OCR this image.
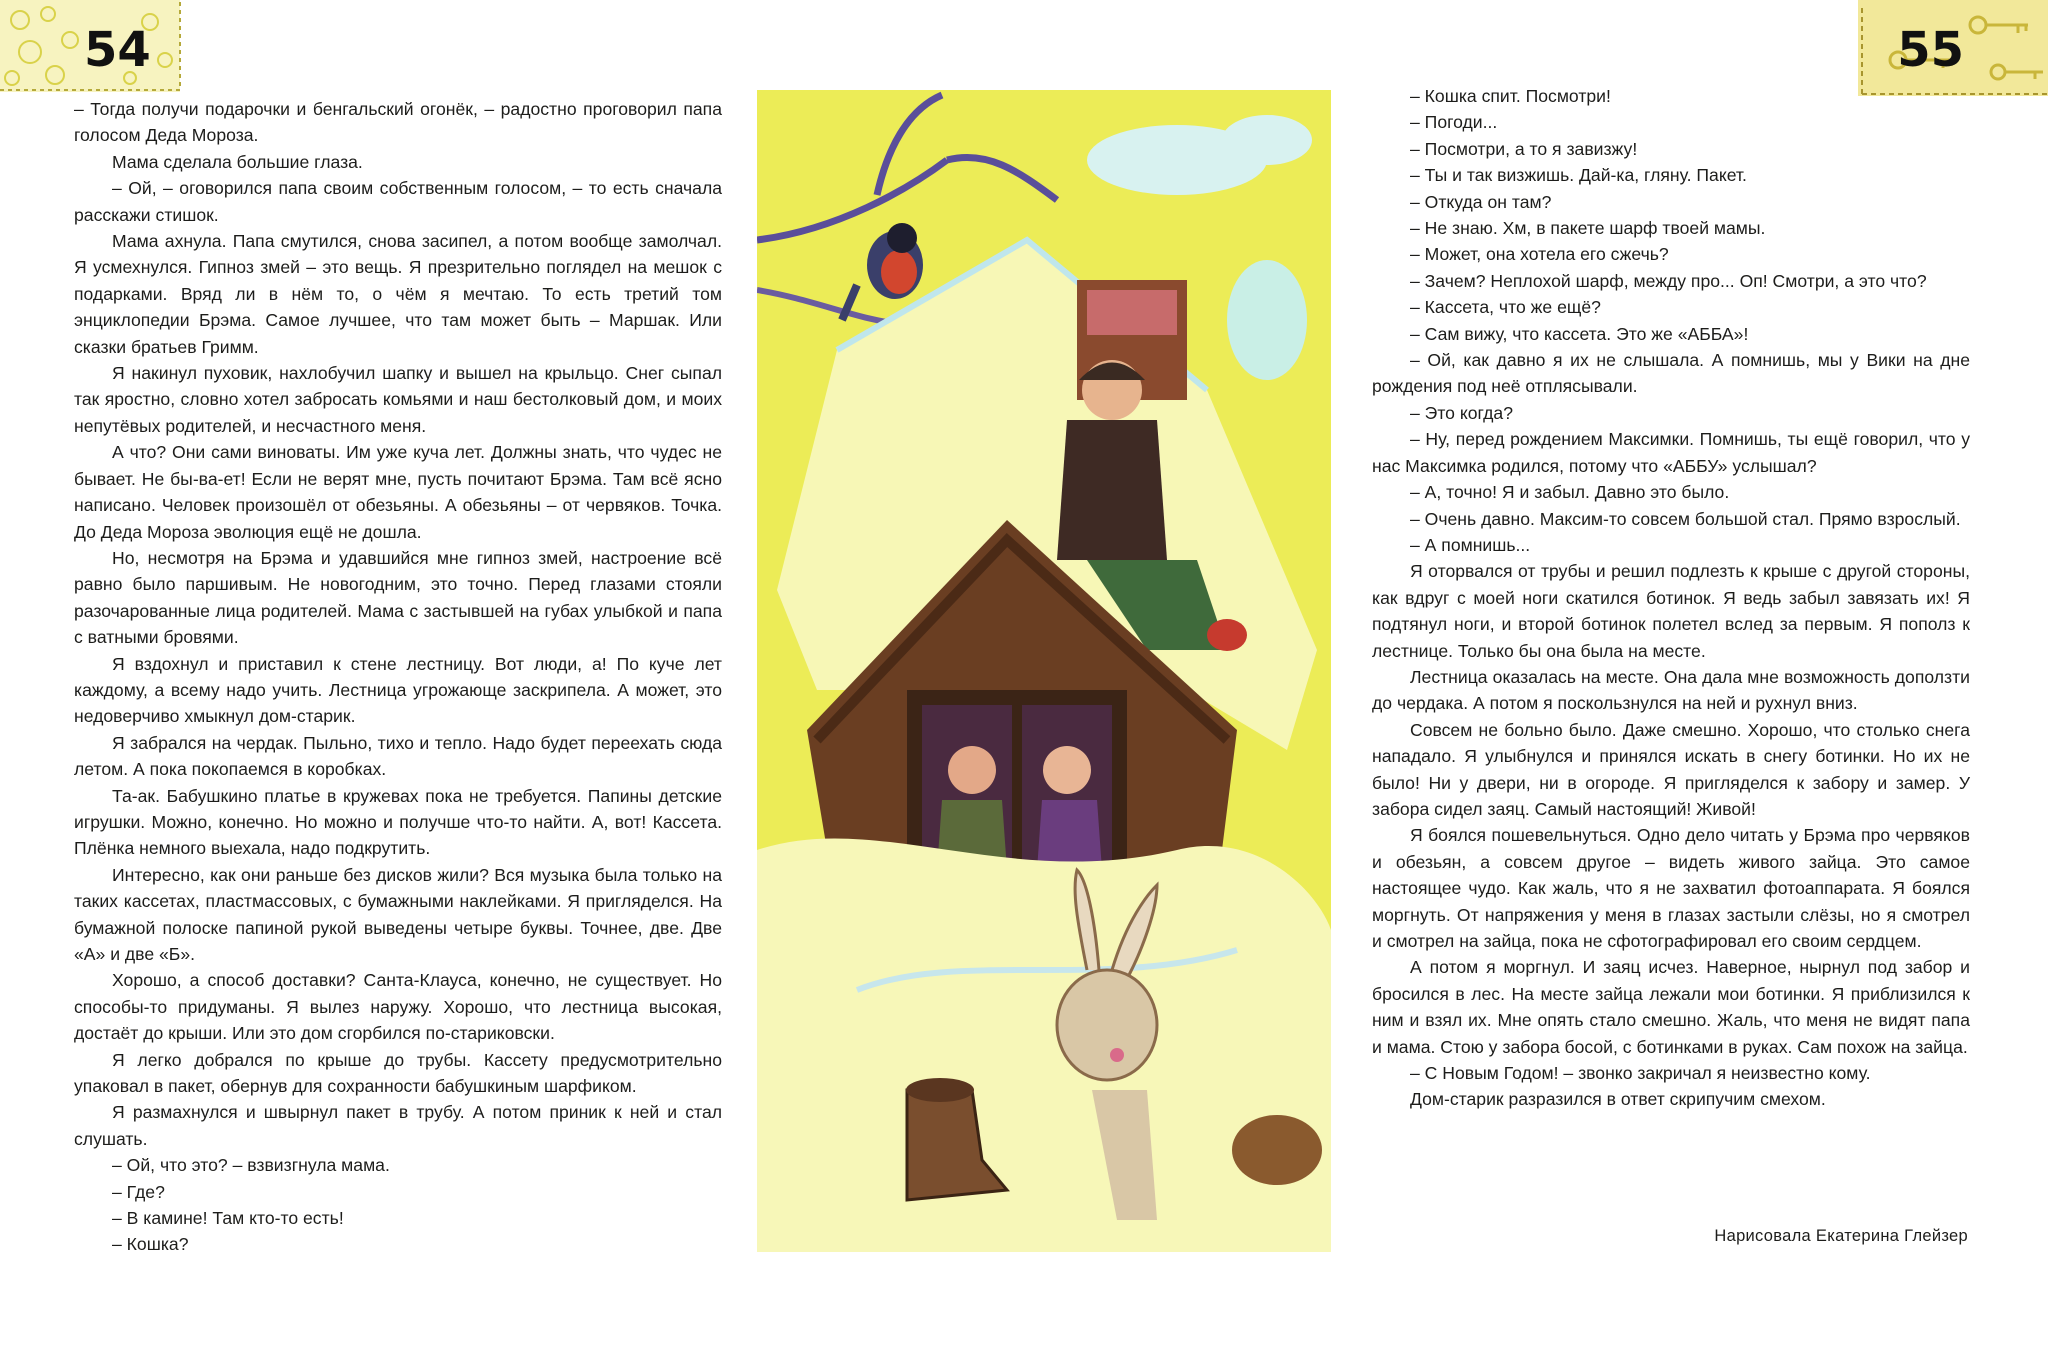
54	55

– Тогда получи подарочки и бенгальский огонёк, – радостно проговорил папа голосом Деда Мороза.

Мама сделала большие глаза.

– Ой, – оговорился папа своим собственным голосом, – то есть сначала расскажи стишок.

Мама ахнула. Папа смутился, снова засипел, а потом вообще замолчал. Я усмехнулся. Гипноз змей – это вещь. Я презрительно поглядел на мешок с подарками. Вряд ли в нём то, о чём я мечтаю. То есть третий том энциклопедии Брэма. Самое лучшее, что там может быть – Маршак. Или сказки братьев Гримм.

Я накинул пуховик, нахлобучил шапку и вышел на крыльцо. Снег сыпал так яростно, словно хотел забросать комьями и наш бестолковый дом, и моих непутёвых родителей, и несчастного меня.

А что? Они сами виноваты. Им уже куча лет. Должны знать, что чудес не бывает. Не бы-ва-ет! Если не верят мне, пусть почитают Брэма. Там всё ясно написано. Человек произошёл от обезьяны. А обезьяны – от червяков. Точка. До Деда Мороза эволюция ещё не дошла.

Но, несмотря на Брэма и удавшийся мне гипноз змей, настроение всё равно было паршивым. Не новогодним, это точно. Перед глазами стояли разочарованные лица родителей. Мама с застывшей на губах улыбкой и папа с ватными бровями.

Я вздохнул и приставил к стене лестницу. Вот люди, а! По куче лет каждому, а всему надо учить. Лестница угрожающе заскрипела. А может, это недоверчиво хмыкнул дом-старик.

Я забрался на чердак. Пыльно, тихо и тепло. Надо будет переехать сюда летом. А пока покопаемся в коробках.

Та-ак. Бабушкино платье в кружевах пока не требуется. Папины детские игрушки. Можно, конечно. Но можно и получше что-то найти. А, вот! Кассета. Плёнка немного выехала, надо подкрутить.

Интересно, как они раньше без дисков жили? Вся музыка была только на таких кассетах, пластмассовых, с бумажными наклейками. Я пригляделся. На бумажной полоске папиной рукой выведены четыре буквы. Точнее, две. Две «А» и две «Б».

Хорошо, а способ доставки? Санта-Клауса, конечно, не существует. Но способы-то придуманы. Я вылез наружу. Хорошо, что лестница высокая, достаёт до крыши. Или это дом сгорбился по-стариковски.

Я легко добрался по крыше до трубы. Кассету предусмотрительно упаковал в пакет, обернув для сохранности бабушкиным шарфиком.

Я размахнулся и швырнул пакет в трубу. А потом приник к ней и стал слушать.

– Ой, что это? – взвизгнула мама.

– Где?

– В камине! Там кто-то есть!

– Кошка?

– Кошка спит. Посмотри!

– Погоди...

– Посмотри, а то я завизжу!

– Ты и так визжишь. Дай-ка, гляну. Пакет.

– Откуда он там?

– Не знаю. Хм, в пакете шарф твоей мамы.

– Может, она хотела его сжечь?

– Зачем? Неплохой шарф, между про... Оп! Смотри, а это что?

– Кассета, что же ещё?

– Сам вижу, что кассета. Это же «АББА»!

– Ой, как давно я их не слышала. А помнишь, мы у Вики на дне рождения под неё отплясывали.

– Это когда?

– Ну, перед рождением Максимки. Помнишь, ты ещё говорил, что у нас Максимка родился, потому что «АББУ» услышал?

– А, точно! Я и забыл. Давно это было.

– Очень давно. Максим-то совсем большой стал. Прямо взрослый.

– А помнишь...

Я оторвался от трубы и решил подлезть к крыше с другой стороны, как вдруг с моей ноги скатился ботинок. Я ведь забыл завязать их! Я подтянул ноги, и второй ботинок полетел вслед за первым. Я пополз к лестнице. Только бы она была на месте.

Лестница оказалась на месте. Она дала мне возможность доползти до чердака. А потом я поскользнулся на ней и рухнул вниз.

Совсем не больно было. Даже смешно. Хорошо, что столько снега нападало. Я улыбнулся и принялся искать в снегу ботинки. Но их не было! Ни у двери, ни в огороде. Я пригляделся к забору и замер. У забора сидел заяц. Самый настоящий! Живой!

Я боялся пошевельнуться. Одно дело читать у Брэма про червяков и обезьян, а совсем другое – видеть живого зайца. Это самое настоящее чудо. Как жаль, что я не захватил фотоаппарата. Я боялся моргнуть. От напряжения у меня в глазах застыли слёзы, но я смотрел и смотрел на зайца, пока не сфотографировал его своим сердцем.

А потом я моргнул. И заяц исчез. Наверное, нырнул под забор и бросился в лес. На месте зайца лежали мои ботинки. Я приблизился к ним и взял их. Мне опять стало смешно. Жаль, что меня не видят папа и мама. Стою у забора босой, с ботинками в руках. Сам похож на зайца.

– С Новым Годом! – звонко закричал я неизвестно кому.

Дом-старик разразился в ответ скрипучим смехом.

Нарисовала Екатерина Глейзер
